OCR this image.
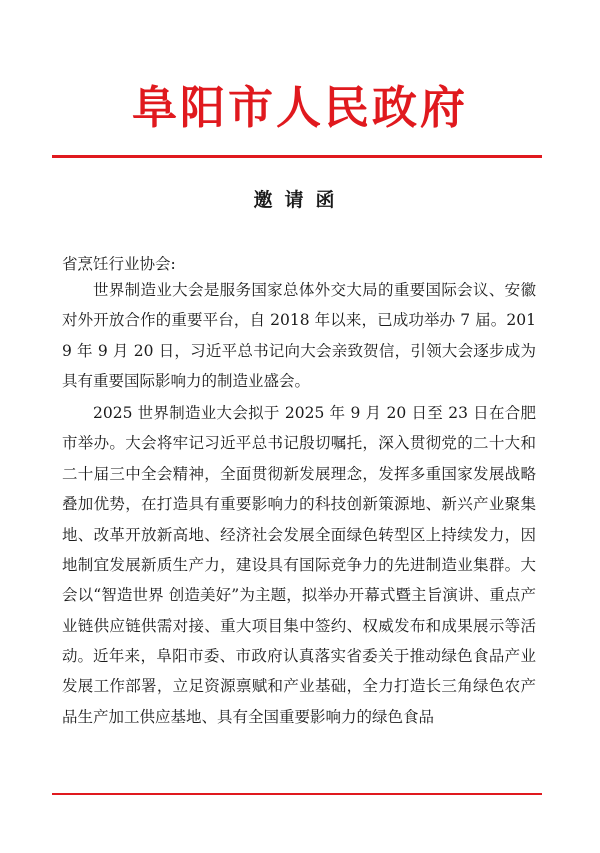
阜阳市人民政府
邀请函
省烹饪行业协会:

世界制造业大会是服务国家总体外交大局的重要国际会议、安徽对外开放合作的重要平台，自 2018 年以来，已成功举办 7 届。2019 年 9 月 20 日，习近平总书记向大会亲致贺信，引领大会逐步成为具有重要国际影响力的制造业盛会。

2025 世界制造业大会拟于 2025 年 9 月 20 日至 23 日在合肥市举办。大会将牢记习近平总书记殷切嘱托，深入贯彻党的二十大和二十届三中全会精神，全面贯彻新发展理念，发挥多重国家发展战略叠加优势，在打造具有重要影响力的科技创新策源地、新兴产业聚集地、改革开放新高地、经济社会发展全面绿色转型区上持续发力，因地制宜发展新质生产力，建设具有国际竞争力的先进制造业集群。大会以“智造世界 创造美好”为主题，拟举办开幕式暨主旨演讲、重点产业链供应链供需对接、重大项目集中签约、权威发布和成果展示等活动。 近年来，阜阳市委、市政府认真落实省委关于推动绿色食品产业发展工作部署，立足资源禀赋和产业基础，全力打造长三角绿色农产品生产加工供应基地、具有全国重要影响力的绿色食品
